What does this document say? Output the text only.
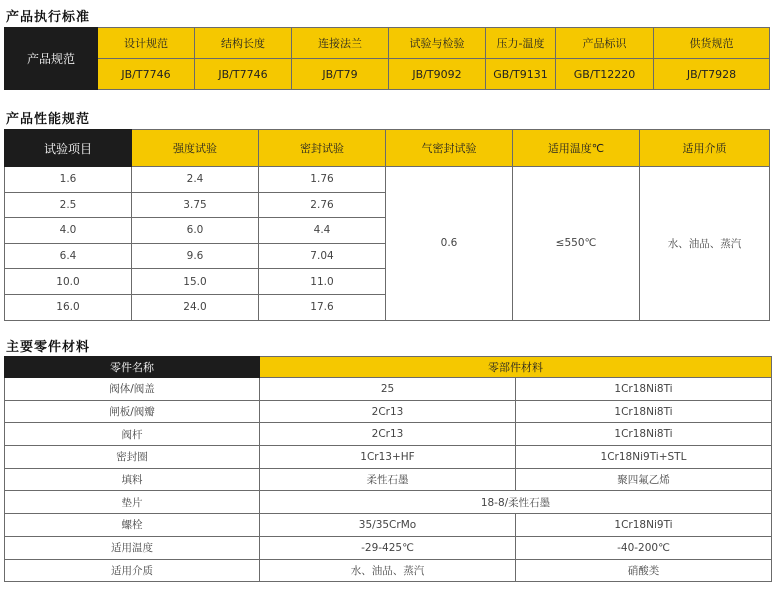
产品执行标准
产品规范	设计规范	结构长度	连接法兰	试验与检验	压力-温度	产品标识	供货规范
	JB/T7746	JB/T7746	JB/T79	JB/T9092	GB/T9131	GB/T12220	JB/T7928
产品性能规范
试验项目	强度试验	密封试验	气密封试验	适用温度℃	适用介质
1.6	2.4	1.76	0.6	≤550℃	水、油品、蒸汽
2.5	3.75	2.76			
4.0	6.0	4.4			
6.4	9.6	7.04			
10.0	15.0	11.0			
16.0	24.0	17.6			
主要零件材料
零件名称	零部件材料	
阀体/阀盖	25	1Cr18Ni8Ti
闸板/阀瓣	2Cr13	1Cr18Ni8Ti
阀杆	2Cr13	1Cr18Ni8Ti
密封圈	1Cr13+HF	1Cr18Ni9Ti+STL
填料	柔性石墨	聚四氟乙烯
垫片	18-8/柔性石墨	
螺栓	35/35CrMo	1Cr18Ni9Ti
适用温度	-29-425℃	-40-200℃
适用介质	水、油品、蒸汽	硝酸类
